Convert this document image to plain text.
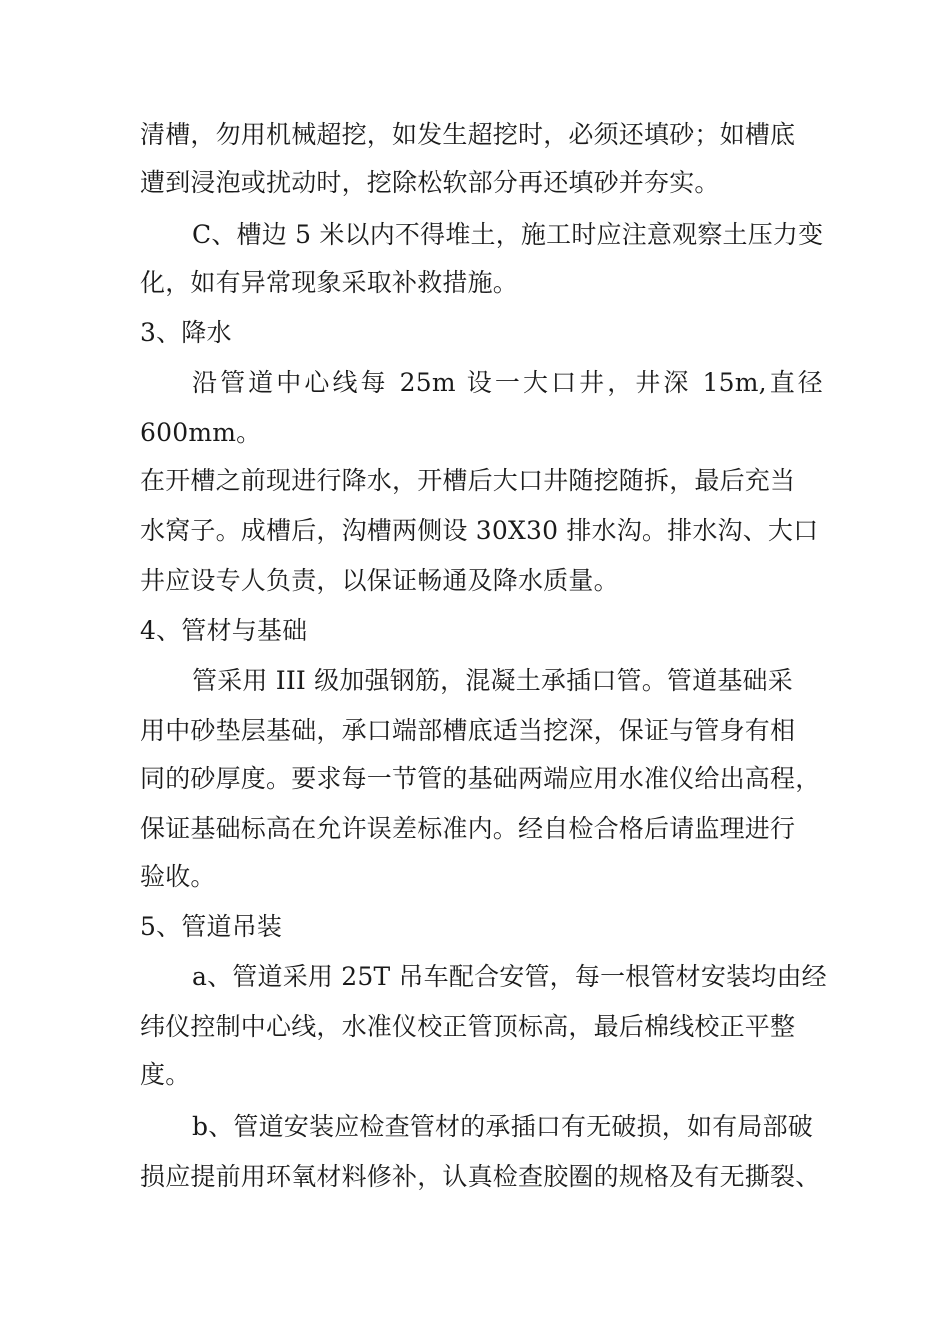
清槽，勿用机械超挖，如发生超挖时，必须还填砂；如槽底
遭到浸泡或扰动时，挖除松软部分再还填砂并夯实。
C、槽边 5 米以内不得堆土，施工时应注意观察土压力变
化，如有异常现象采取补救措施。
3、降水
沿管道中心线每 25m 设一大口井，井深 15m,直径
600mm。
在开槽之前现进行降水，开槽后大口井随挖随拆，最后充当
水窝子。成槽后，沟槽两侧设 30X30 排水沟。排水沟、大口
井应设专人负责，以保证畅通及降水质量。
4、管材与基础
管采用 III 级加强钢筋，混凝土承插口管。管道基础采
用中砂垫层基础，承口端部槽底适当挖深，保证与管身有相
同的砂厚度。要求每一节管的基础两端应用水准仪给出高程，
保证基础标高在允许误差标准内。经自检合格后请监理进行
验收。
5、管道吊装
a、管道采用 25T 吊车配合安管，每一根管材安装均由经
纬仪控制中心线，水准仪校正管顶标高，最后棉线校正平整
度。
b、管道安装应检查管材的承插口有无破损，如有局部破
损应提前用环氧材料修补，认真检查胶圈的规格及有无撕裂、
